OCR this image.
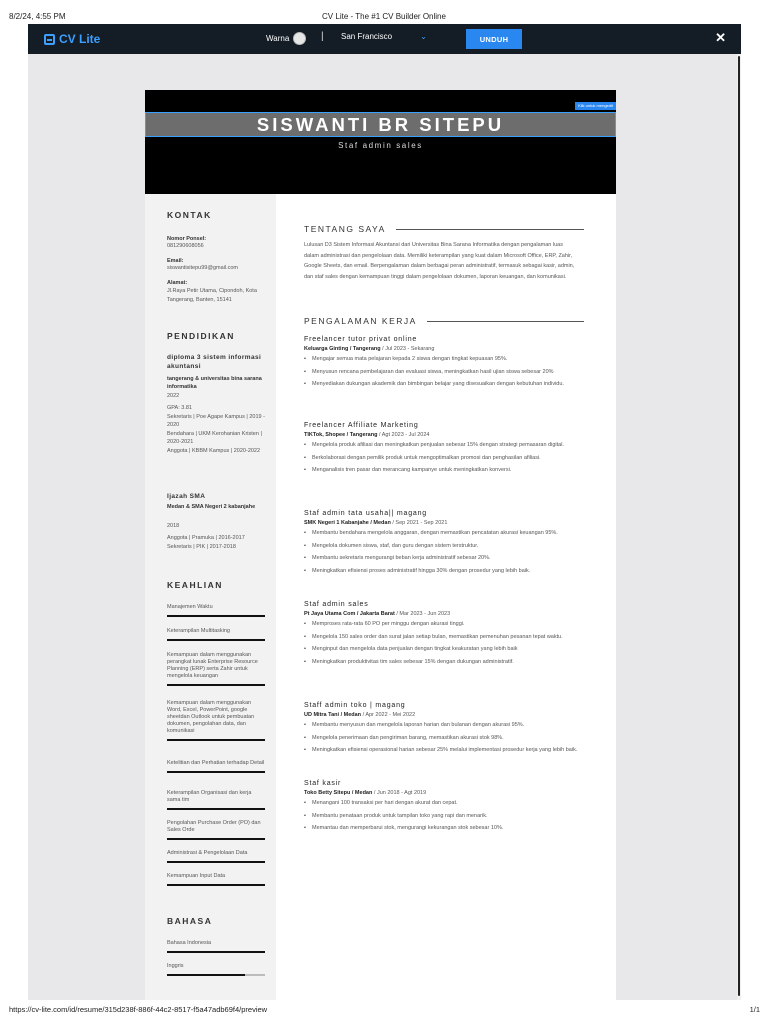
8/2/24, 4:55 PM	CV Lite - The #1 CV Builder Online
CV Lite	Warna	| San Francisco	⌄	UNDUH	✕
Klik untuk mengedit
SISWANTI BR SITEPU
Staf admin sales
KONTAK
Nomor Ponsel:
081290608056
Email:
siswantisitepu99@gmail.com
Alamat:
Jl.Raya Petir Utama, Cipondoh, Kota Tangerang, Banten, 15141
PENDIDIKAN
diploma 3 sistem informasi akuntansi
tangerang & universitas bina sarana informatika
2022
GPA: 3.81
Sekretaris | Poe Agape Kampus | 2019 - 2020
Bendahara | UKM Kerohanian Kristen | 2020-2021
Anggota | KBBM Kampus | 2020-2022
Ijazah SMA
Medan & SMA Negeri 2 kabanjahe
2018
Anggota | Pramuka | 2016-2017
Sekretaris | PIK | 2017-2018
KEAHLIAN
Manajemen Waktu
Keterampilan Multitasking
Kemampuan dalam menggunakan perangkat lunak Enterprise Resource Planning (ERP) serta Zahir untuk mengelola keuangan
Kemampuan dalam menggunakan Word, Excel, PowerPoint, google sheetdan Outlook untuk pembuatan dokumen, pengolahan data, dan komunikasi
Ketelitian dan Perhatian terhadap Detail
Keterampilan Organisasi dan kerja sama tim
Pengolahan Purchase Order (PO) dan Sales Orde
Administrasi & Pengelolaan Data
Kemampuan Input Data
BAHASA
Bahasa Indonesia
Inggris
TENTANG SAYA
Lulusan D3 Sistem Informasi Akuntansi dari Universitas Bina Sarana Informatika dengan pengalaman luas dalam administrasi dan pengelolaan data. Memiliki keterampilan yang kuat dalam Microsoft Office, ERP, Zahir, Google Sheets, dan email. Berpengalaman dalam berbagai peran administratif, termasuk sebagai kasir, admin, dan staf sales dengan kemampuan tinggi dalam pengelolaan dokumen, laporan keuangan, dan komunikasi.
PENGALAMAN KERJA
Freelancer tutor privat online
Keluarga Ginting / Tangerang / Jul 2023 - Sekarang
• Mengajar semua mata pelajaran kepada 2 siswa dengan tingkat kepuasan 95%.
• Menyusun rencana pembelajaran dan evaluasi siswa, meningkatkan hasil ujian siswa sebesar 20%
• Menyediakan dukungan akademik dan bimbingan belajar yang disesuaikan dengan kebutuhan individu.
Freelancer Affiliate Marketing
TIKTok, Shopee / Tangerang / Agt 2023 - Jul 2024
• Mengelola produk afiliasi dan meningkatkan penjualan sebesar 15% dengan strategi pemasaran digital.
• Berkolaborasi dengan pemilik produk untuk mengoptimalkan promosi dan penghasilan afiliasi.
• Menganalisis tren pasar dan merancang kampanye untuk meningkatkan konversi.
Staf admin tata usaha|| magang
SMK Negeri 1 Kabanjahe / Medan / Sep 2021 - Sep 2021
• Membantu bendahara mengelola anggaran, dengan memastikan pencatatan akurasi keuangan 95%.
• Mengelola dokumen siswa, staf, dan guru dengan sistem terstruktur.
• Membantu sekretaris mengurangi beban kerja administratif sebesar 20%.
• Meningkatkan efisiensi proses administratif hingga 30% dengan prosedur yang lebih baik.
Staf admin sales
Pt Jaya Utama Com / Jakarta Barat / Mar 2023 - Jun 2023
• Memproses rata-rata 60 PO per minggu dengan akurasi tinggi.
• Mengelola 150 sales order dan surat jalan setiap bulan, memastikan pemenuhan pesanan tepat waktu.
• Menginput dan mengelola data penjualan dengan tingkat keakuratan yang lebih baik
• Meningkatkan produktivitas tim sales sebesar 15% dengan dukungan administratif.
Staff admin toko | magang
UD Mitra Tani / Medan / Apr 2022 - Mei 2022
• Membantu menyusun dan mengelola laporan harian dan bulanan dengan akurasi 95%.
• Mengelola penerimaan dan pengiriman barang, memastikan akurasi stok 98%.
• Meningkatkan efisiensi operasional harian sebesar 25% melalui implementasi prosedur kerja yang lebih baik.
Staf kasir
Toko Betty Sitepu / Medan / Jun 2018 - Agt 2019
• Menangani 100 transaksi per hari dengan akurat dan cepat.
• Membantu penataan produk untuk tampilan toko yang rapi dan menarik.
• Memantau dan memperbarui stok, mengurangi kekurangan stok sebesar 10%.
https://cv-lite.com/id/resume/315d238f-886f-44c2-8517-f5a47adb69f4/preview	1/1
